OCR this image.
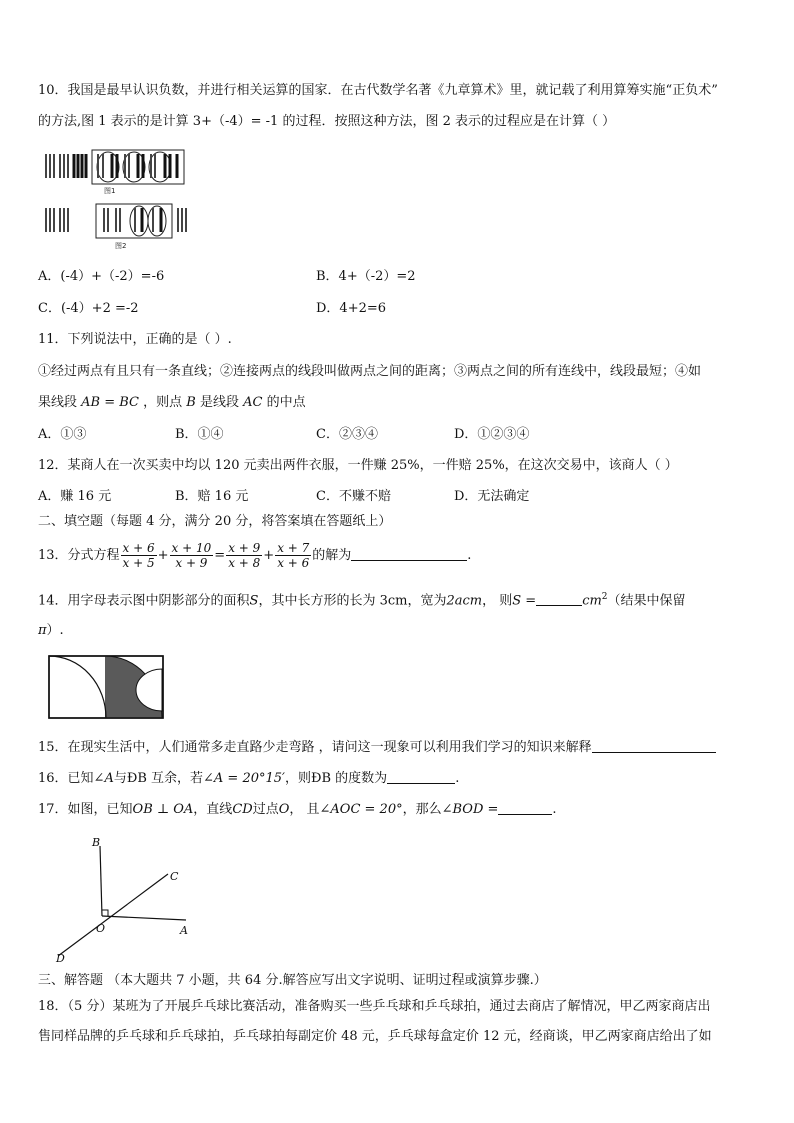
10．我国是最早认识负数，并进行相关运算的国家．在古代数学名著《九章算术》里，就记载了利用算筹实施“正负术”
的方法,图 1 表示的是计算 3+（-4）= -1 的过程．按照这种方法，图 2 表示的过程应是在计算（ ）
图1
图2
A．(-4）+（-2）=-6	B．4+（-2）=2
C．(-4）+2 =-2	D．4+2=6
11．下列说法中，正确的是（ ）.
①经过两点有且只有一条直线；②连接两点的线段叫做两点之间的距离；③两点之间的所有连线中，线段最短；④如
果线段 AB = BC ，则点 B 是线段 AC 的中点
A．①③	B．①④	C．②③④	D．①②③④
12．某商人在一次买卖中均以 120 元卖出两件衣服，一件赚 25%，一件赔 25%，在这次交易中，该商人（ ）
A．赚 16 元	B．赔 16 元	C．不赚不赔	D．无法确定
二、填空题（每题 4 分，满分 20 分，将答案填在答题纸上）
13．分式方程 $\frac{x + 6}{x + 5} + \frac{x + 10}{x + 9} = \frac{x + 9}{x + 8} + \frac{x + 7}{x + 6}$ 的解为	.
14．用字母表示图中阴影部分的面积S，其中长方形的长为 3cm，宽为2acm， 则S =	$cm^2$（结果中保留
π）.
15．在现实生活中，人们通常多走直路少走弯路 ，请问这一现象可以利用我们学习的知识来解释
16．已知∠A与ÐB 互余，若∠A = 20°15′，则ÐB 的度数为	.
17．如图，已知OB ⊥ OA，直线CD过点O， 且∠AOC = 20°，那么∠BOD =	.
B
C
O	A
D
三、解答题 （本大题共 7 小题，共 64 分.解答应写出文字说明、证明过程或演算步骤.）
18．（5 分）某班为了开展乒乓球比赛活动，准备购买一些乒乓球和乒乓球拍，通过去商店了解情况，甲乙两家商店出
售同样品牌的乒乓球和乒乓球拍，乒乓球拍每副定价 48 元，乒乓球每盒定价 12 元，经商谈，甲乙两家商店给出了如
